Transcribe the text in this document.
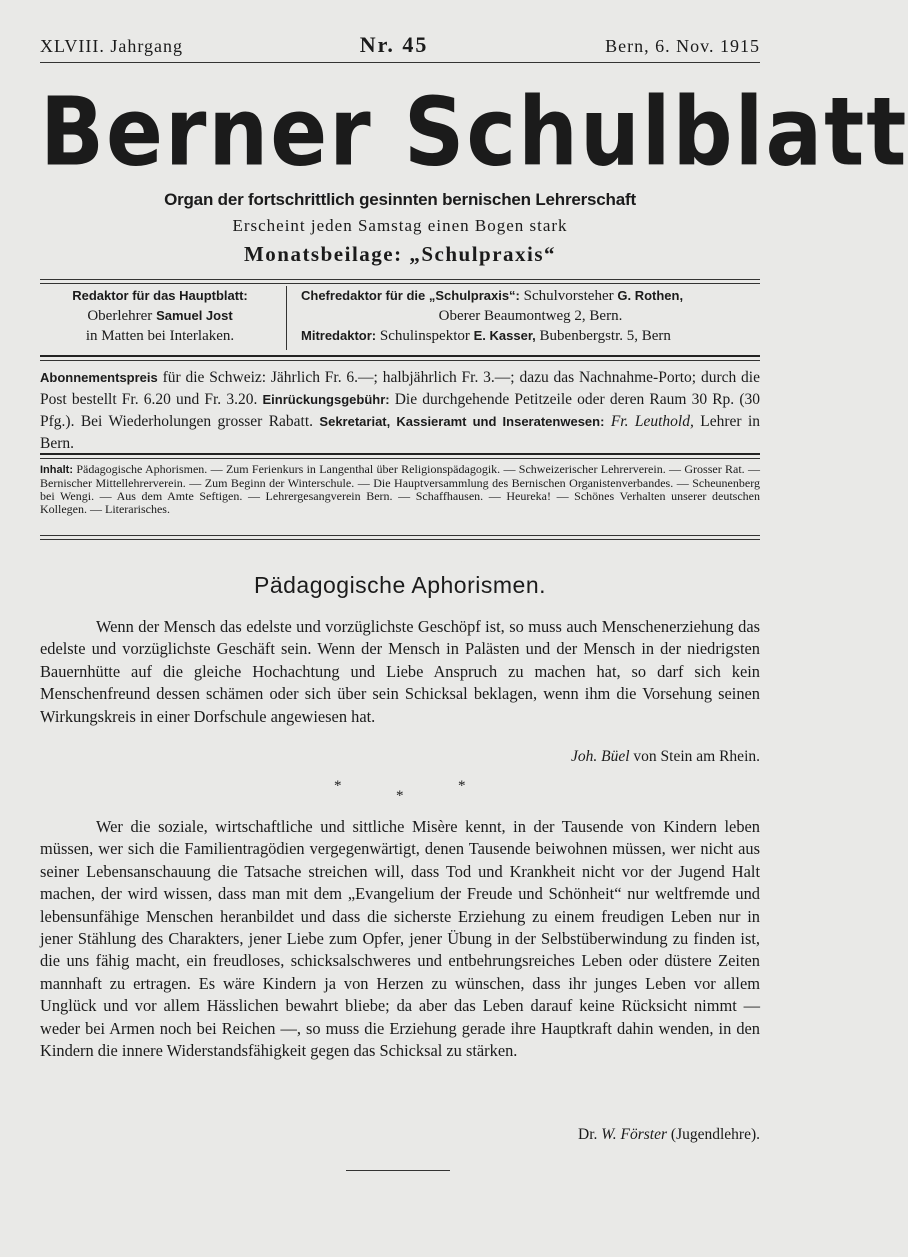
XLVIII. Jahrgang	Nr. 45	Bern, 6. Nov. 1915
Berner Schulblatt
Organ der fortschrittlich gesinnten bernischen Lehrerschaft
Erscheint jeden Samstag einen Bogen stark
Monatsbeilage: „Schulpraxis“
Redaktor für das Hauptblatt:
Oberlehrer Samuel Jost
in Matten bei Interlaken.
Chefredaktor für die „Schulpraxis“: Schulvorsteher G. Rothen,
Oberer Beaumontweg 2, Bern.
Mitredaktor: Schulinspektor E. Kasser, Bubenbergstr. 5, Bern
Abonnementspreis für die Schweiz: Jährlich Fr. 6.—; halbjährlich Fr. 3.—; dazu das Nachnahme-Porto; durch die Post bestellt Fr. 6.20 und Fr. 3.20. Einrückungsgebühr: Die durchgehende Petitzeile oder deren Raum 30 Rp. (30 Pfg.). Bei Wiederholungen grosser Rabatt. Sekretariat, Kassieramt und Inseratenwesen: Fr. Leuthold, Lehrer in Bern.
Inhalt: Pädagogische Aphorismen. — Zum Ferienkurs in Langenthal über Religionspädagogik. — Schweizerischer Lehrerverein. — Grosser Rat. — Bernischer Mittellehrerverein. — Zum Beginn der Winterschule. — Die Hauptversammlung des Bernischen Organistenverbandes. — Scheunenberg bei Wengi. — Aus dem Amte Seftigen. — Lehrergesangverein Bern. — Schaffhausen. — Heureka! — Schönes Verhalten unserer deutschen Kollegen. — Literarisches.
Pädagogische Aphorismen.
Wenn der Mensch das edelste und vorzüglichste Geschöpf ist, so muss auch Menschenerziehung das edelste und vorzüglichste Geschäft sein. Wenn der Mensch in Palästen und der Mensch in der niedrigsten Bauernhütte auf die gleiche Hochachtung und Liebe Anspruch zu machen hat, so darf sich kein Menschenfreund dessen schämen oder sich über sein Schicksal beklagen, wenn ihm die Vorsehung seinen Wirkungskreis in einer Dorfschule angewiesen hat.
Joh. Büel von Stein am Rhein.
*
*
*
Wer die soziale, wirtschaftliche und sittliche Misère kennt, in der Tausende von Kindern leben müssen, wer sich die Familientragödien vergegenwärtigt, denen Tausende beiwohnen müssen, wer nicht aus seiner Lebensanschauung die Tatsache streichen will, dass Tod und Krankheit nicht vor der Jugend Halt machen, der wird wissen, dass man mit dem „Evangelium der Freude und Schönheit“ nur weltfremde und lebensunfähige Menschen heranbildet und dass die sicherste Erziehung zu einem freudigen Leben nur in jener Stählung des Charakters, jener Liebe zum Opfer, jener Übung in der Selbstüberwindung zu finden ist, die uns fähig macht, ein freudloses, schicksalschweres und entbehrungsreiches Leben oder düstere Zeiten mannhaft zu ertragen. Es wäre Kindern ja von Herzen zu wünschen, dass ihr junges Leben vor allem Unglück und vor allem Hässlichen bewahrt bliebe; da aber das Leben darauf keine Rücksicht nimmt — weder bei Armen noch bei Reichen —, so muss die Erziehung gerade ihre Hauptkraft dahin wenden, in den Kindern die innere Widerstandsfähigkeit gegen das Schicksal zu stärken.
Dr. W. Förster (Jugendlehre).
